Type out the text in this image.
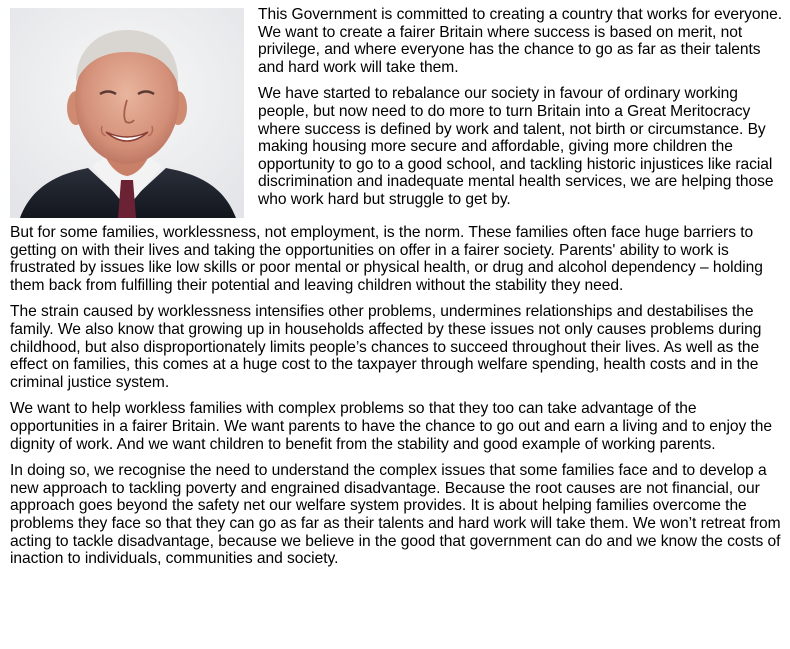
This Government is committed to creating a country that works for everyone. We want to create a fairer Britain where success is based on merit, not privilege, and where everyone has the chance to go as far as their talents and hard work will take them.

We have started to rebalance our society in favour of ordinary working people, but now need to do more to turn Britain into a Great Meritocracy where success is defined by work and talent, not birth or circumstance. By making housing more secure and affordable, giving more children the opportunity to go to a good school, and tackling historic injustices like racial discrimination and inadequate mental health services, we are helping those who work hard but struggle to get by.

But for some families, worklessness, not employment, is the norm. These families often face huge barriers to getting on with their lives and taking the opportunities on offer in a fairer society. Parents' ability to work is frustrated by issues like low skills or poor mental or physical health, or drug and alcohol dependency – holding them back from fulfilling their potential and leaving children without the stability they need.

The strain caused by worklessness intensifies other problems, undermines relationships and destabilises the family. We also know that growing up in households affected by these issues not only causes problems during childhood, but also disproportionately limits people’s chances to succeed throughout their lives. As well as the effect on families, this comes at a huge cost to the taxpayer through welfare spending, health costs and in the criminal justice system.

We want to help workless families with complex problems so that they too can take advantage of the opportunities in a fairer Britain. We want parents to have the chance to go out and earn a living and to enjoy the dignity of work. And we want children to benefit from the stability and good example of working parents.

In doing so, we recognise the need to understand the complex issues that some families face and to develop a new approach to tackling poverty and engrained disadvantage. Because the root causes are not financial, our approach goes beyond the safety net our welfare system provides. It is about helping families overcome the problems they face so that they can go as far as their talents and hard work will take them. We won’t retreat from acting to tackle disadvantage, because we believe in the good that government can do and we know the costs of inaction to individuals, communities and society.
